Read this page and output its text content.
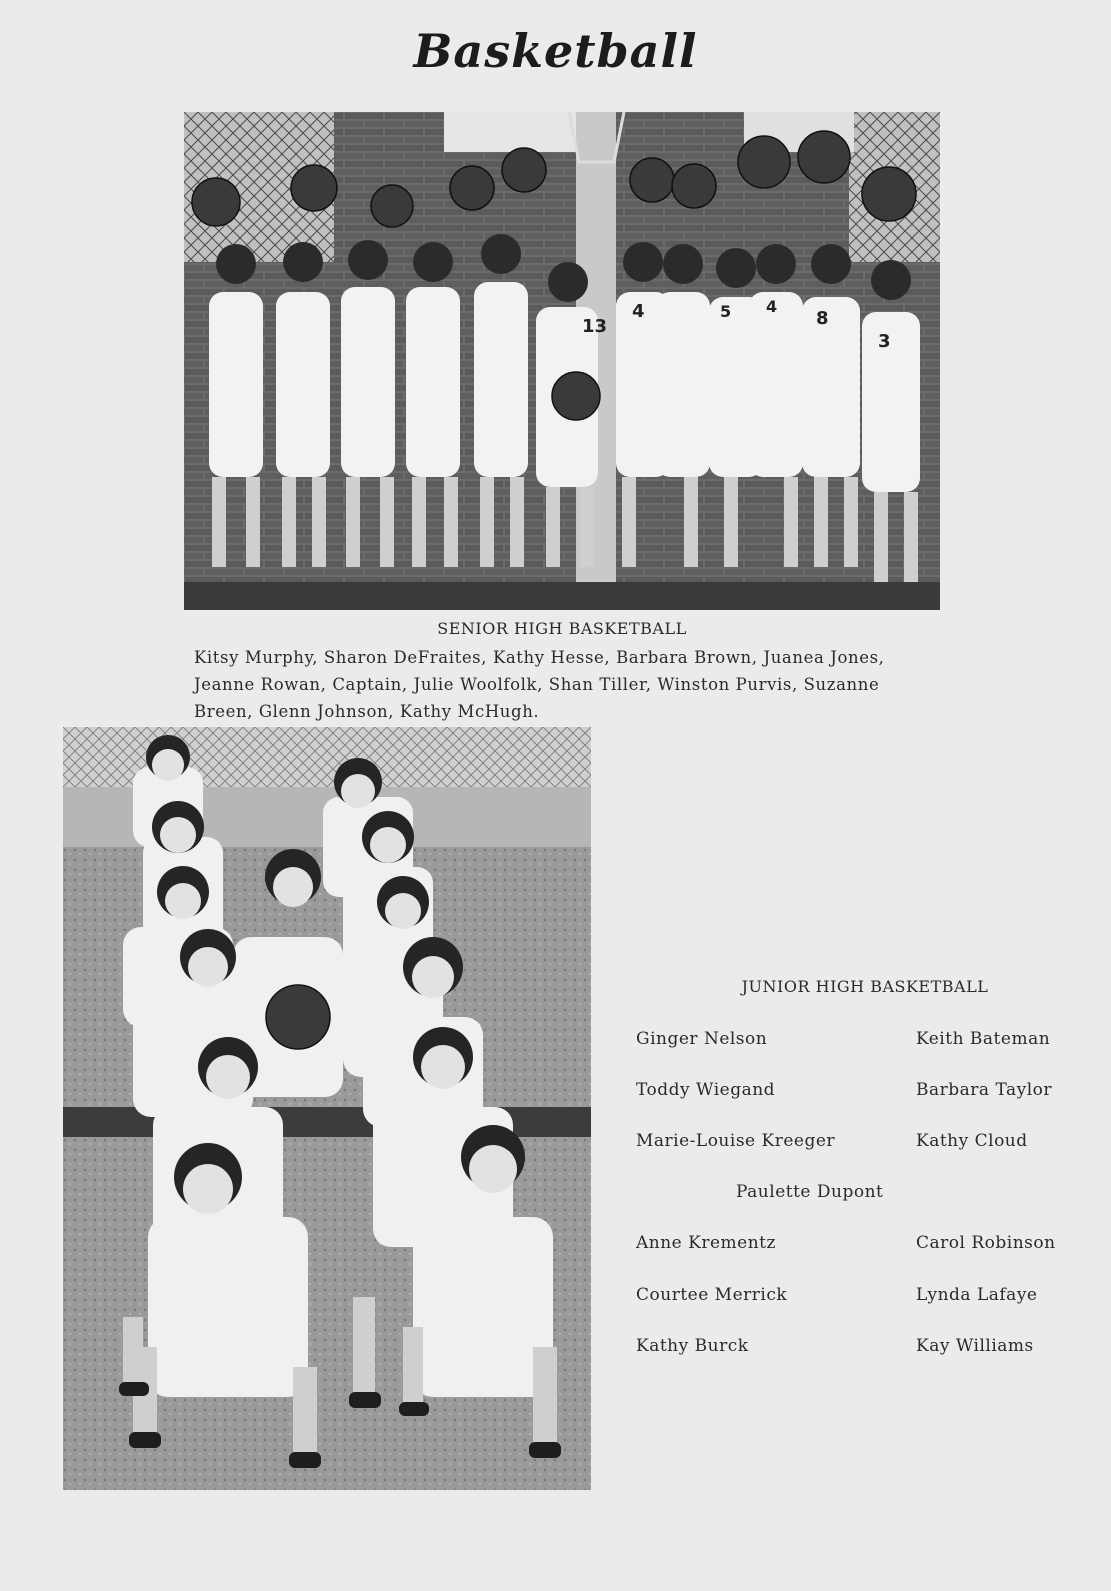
Basketball
13
4	5 4
8
3
SENIOR HIGH BASKETBALL
Kitsy Murphy, Sharon DeFraites, Kathy Hesse, Barbara Brown, Juanea Jones, Jeanne Rowan, Captain, Julie Woolfolk, Shan Tiller, Winston Purvis, Suzanne Breen, Glenn Johnson, Kathy McHugh.
JUNIOR HIGH BASKETBALL
Ginger Nelson
Toddy Wiegand
Marie-Louise Kreeger
Paulette Dupont
Anne Krementz
Courtee Merrick
Kathy Burck
Keith Bateman
Barbara Taylor
Kathy Cloud
Carol Robinson
Lynda Lafaye
Kay Williams
